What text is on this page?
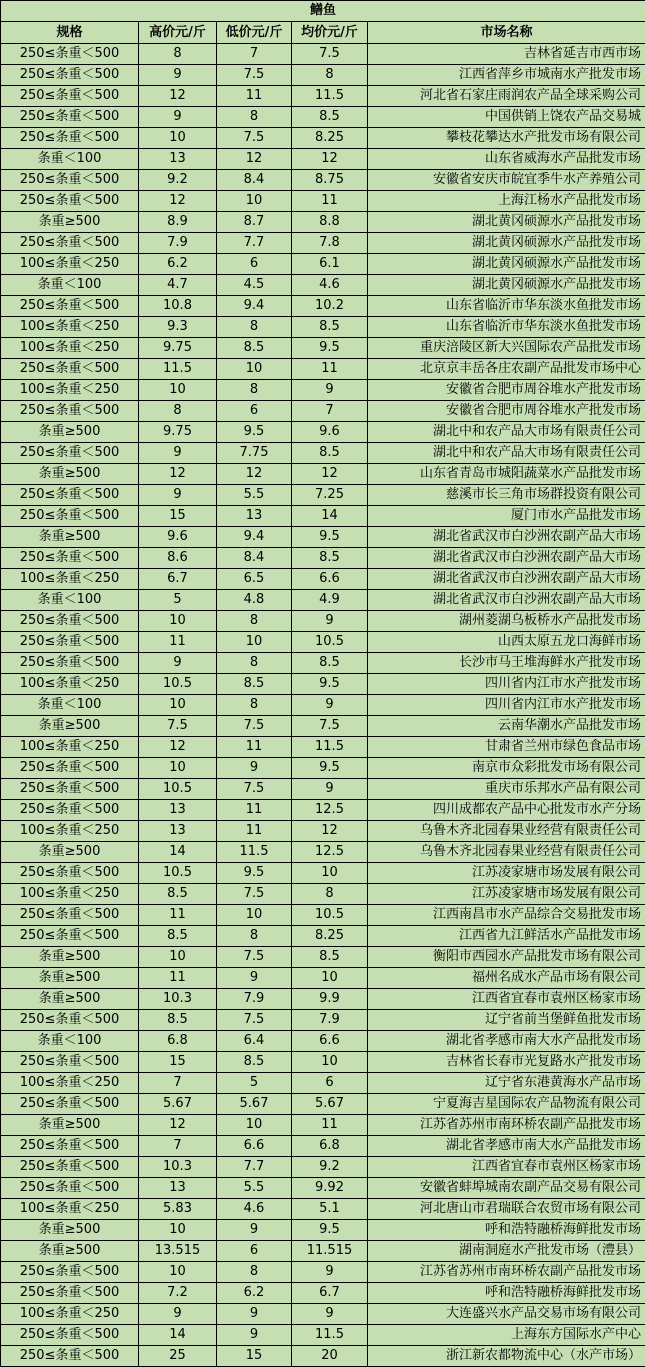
鳝鱼				
规格	高价元/斤	低价元/斤	均价元/斤	市场名称
250≤条重＜500	8	7	7.5	吉林省延吉市西市场
250≤条重＜500	9	7.5	8	江西省萍乡市城南水产批发市场
250≤条重＜500	12	11	11.5	河北省石家庄雨润农产品全球采购公司
250≤条重＜500	9	8	8.5	中国供销上饶农产品交易城
250≤条重＜500	10	7.5	8.25	攀枝花攀达水产批发市场有限公司
条重＜100	13	12	12	山东省威海水产品批发市场
250≤条重＜500	9.2	8.4	8.75	安徽省安庆市皖宜季牛水产养殖公司
250≤条重＜500	12	10	11	上海江杨水产品批发市场
条重≥500	8.9	8.7	8.8	湖北黄冈硕源水产品批发市场
250≤条重＜500	7.9	7.7	7.8	湖北黄冈硕源水产品批发市场
100≤条重＜250	6.2	6	6.1	湖北黄冈硕源水产品批发市场
条重＜100	4.7	4.5	4.6	湖北黄冈硕源水产品批发市场
250≤条重＜500	10.8	9.4	10.2	山东省临沂市华东淡水鱼批发市场
100≤条重＜250	9.3	8	8.5	山东省临沂市华东淡水鱼批发市场
100≤条重＜250	9.75	8.5	9.5	重庆涪陵区新大兴国际农产品批发市场
250≤条重＜500	11.5	10	11	北京京丰岳各庄农副产品批发市场中心
100≤条重＜250	10	8	9	安徽省合肥市周谷堆水产批发市场
250≤条重＜500	8	6	7	安徽省合肥市周谷堆水产批发市场
条重≥500	9.75	9.5	9.6	湖北中和农产品大市场有限责任公司
250≤条重＜500	9	7.75	8.5	湖北中和农产品大市场有限责任公司
条重≥500	12	12	12	山东省青岛市城阳蔬菜水产品批发市场
250≤条重＜500	9	5.5	7.25	慈溪市长三角市场群投资有限公司
250≤条重＜500	15	13	14	厦门市水产品批发市场
条重≥500	9.6	9.4	9.5	湖北省武汉市白沙洲农副产品大市场
250≤条重＜500	8.6	8.4	8.5	湖北省武汉市白沙洲农副产品大市场
100≤条重＜250	6.7	6.5	6.6	湖北省武汉市白沙洲农副产品大市场
条重＜100	5	4.8	4.9	湖北省武汉市白沙洲农副产品大市场
250≤条重＜500	10	8	9	湖州菱湖乌板桥水产品批发市场
250≤条重＜500	11	10	10.5	山西太原五龙口海鲜市场
250≤条重＜500	9	8	8.5	长沙市马王堆海鲜水产批发市场
100≤条重＜250	10.5	8.5	9.5	四川省内江市水产批发市场
条重＜100	10	8	9	四川省内江市水产批发市场
条重≥500	7.5	7.5	7.5	云南华潮水产品批发市场
100≤条重＜250	12	11	11.5	甘肃省兰州市绿色食品市场
250≤条重＜500	10	9	9.5	南京市众彩批发市场有限公司
250≤条重＜500	10.5	7.5	9	重庆市乐邦水产品有限公司
250≤条重＜500	13	11	12.5	四川成都农产品中心批发市水产分场
100≤条重＜250	13	11	12	乌鲁木齐北园春果业经营有限责任公司
条重≥500	14	11.5	12.5	乌鲁木齐北园春果业经营有限责任公司
250≤条重＜500	10.5	9.5	10	江苏凌家塘市场发展有限公司
100≤条重＜250	8.5	7.5	8	江苏凌家塘市场发展有限公司
250≤条重＜500	11	10	10.5	江西南昌市水产品综合交易批发市场
250≤条重＜500	8.5	8	8.25	江西省九江鲜活水产品批发市场
条重≥500	10	7.5	8.5	衡阳市西园水产品批发市场有限公司
条重≥500	11	9	10	福州名成水产品市场有限公司
条重≥500	10.3	7.9	9.9	江西省宜春市袁州区杨家市场
250≤条重＜500	8.5	7.5	7.9	辽宁省前当堡鲜鱼批发市场
条重＜100	6.8	6.4	6.6	湖北省孝感市南大水产品批发市场
250≤条重＜500	15	8.5	10	吉林省长春市光复路水产批发市场
100≤条重＜250	7	5	6	辽宁省东港黄海水产品市场
250≤条重＜500	5.67	5.67	5.67	宁夏海吉星国际农产品物流有限公司
条重≥500	12	10	11	江苏省苏州市南环桥农副产品批发市场
250≤条重＜500	7	6.6	6.8	湖北省孝感市南大水产品批发市场
250≤条重＜500	10.3	7.7	9.2	江西省宜春市袁州区杨家市场
250≤条重＜500	13	5.5	9.92	安徽省蚌埠城南农副产品交易有限公司
100≤条重＜250	5.83	4.6	5.1	河北唐山市君瑞联合农贸市场有限公司
条重≥500	10	9	9.5	呼和浩特融桥海鲜批发市场
条重≥500	13.515	6	11.515	湖南洞庭水产批发市场（澧县）
250≤条重＜500	10	8	9	江苏省苏州市南环桥农副产品批发市场
250≤条重＜500	7.2	6.2	6.7	呼和浩特融桥海鲜批发市场
100≤条重＜250	9	9	9	大连盛兴水产品交易市场有限公司
250≤条重＜500	14	9	11.5	上海东方国际水产中心
250≤条重＜500	25	15	20	浙江新农都物流中心（水产市场）
